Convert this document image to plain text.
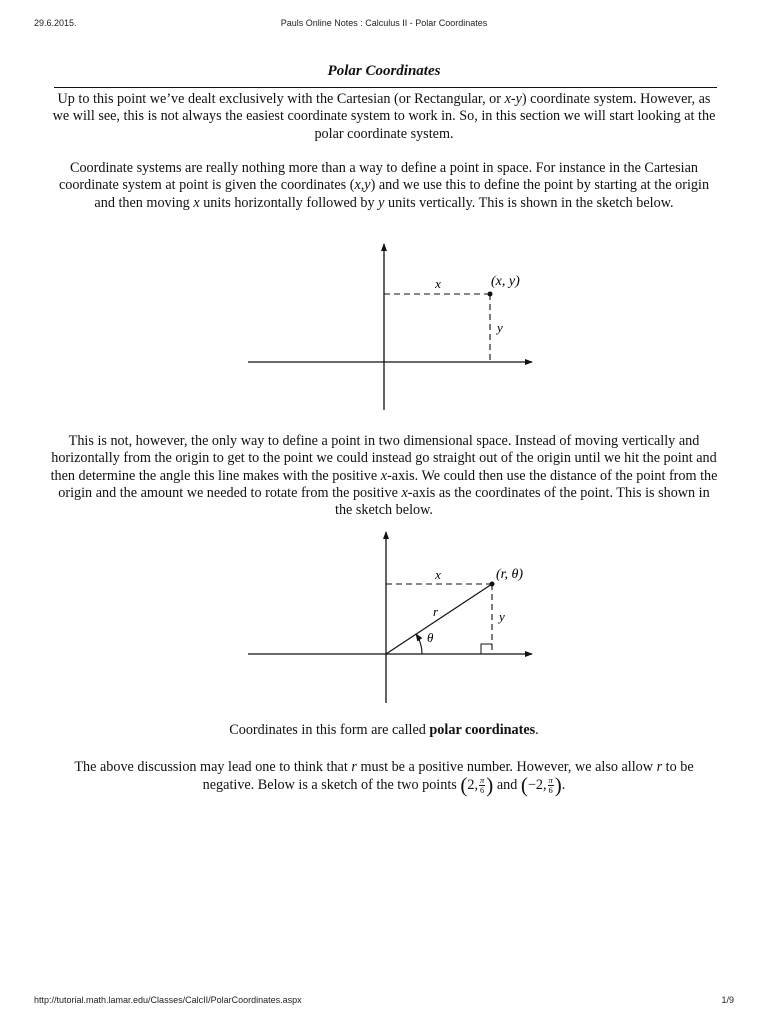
29.6.2015.	Pauls Online Notes : Calculus II - Polar Coordinates
Polar Coordinates

Up to this point we’ve dealt exclusively with the Cartesian (or Rectangular, or x-y) coordinate system. However, as we will see, this is not always the easiest coordinate system to work in. So, in this section we will start looking at the polar coordinate system.

Coordinate systems are really nothing more than a way to define a point in space. For instance in the Cartesian coordinate system at point is given the coordinates (x,y) and we use this to define the point by starting at the origin and then moving x units horizontally followed by y units vertically. This is shown in the sketch below.

x
y
(x, y)

This is not, however, the only way to define a point in two dimensional space. Instead of moving vertically and horizontally from the origin to get to the point we could instead go straight out of the origin until we hit the point and then determine the angle this line makes with the positive x-axis. We could then use the distance of the point from the origin and the amount we needed to rotate from the positive x-axis as the coordinates of the point. This is shown in the sketch below.

x
y
r
θ
(r, θ)

Coordinates in this form are called polar coordinates.

The above discussion may lead one to think that r must be a positive number. However, we also allow r to be negative. Below is a sketch of the two points (2, $\frac{\pi}{6}$ ) and (−2, $\frac{\pi}{6}$ ).

http://tutorial.math.lamar.edu/Classes/CalcII/PolarCoordinates.aspx	1/9
